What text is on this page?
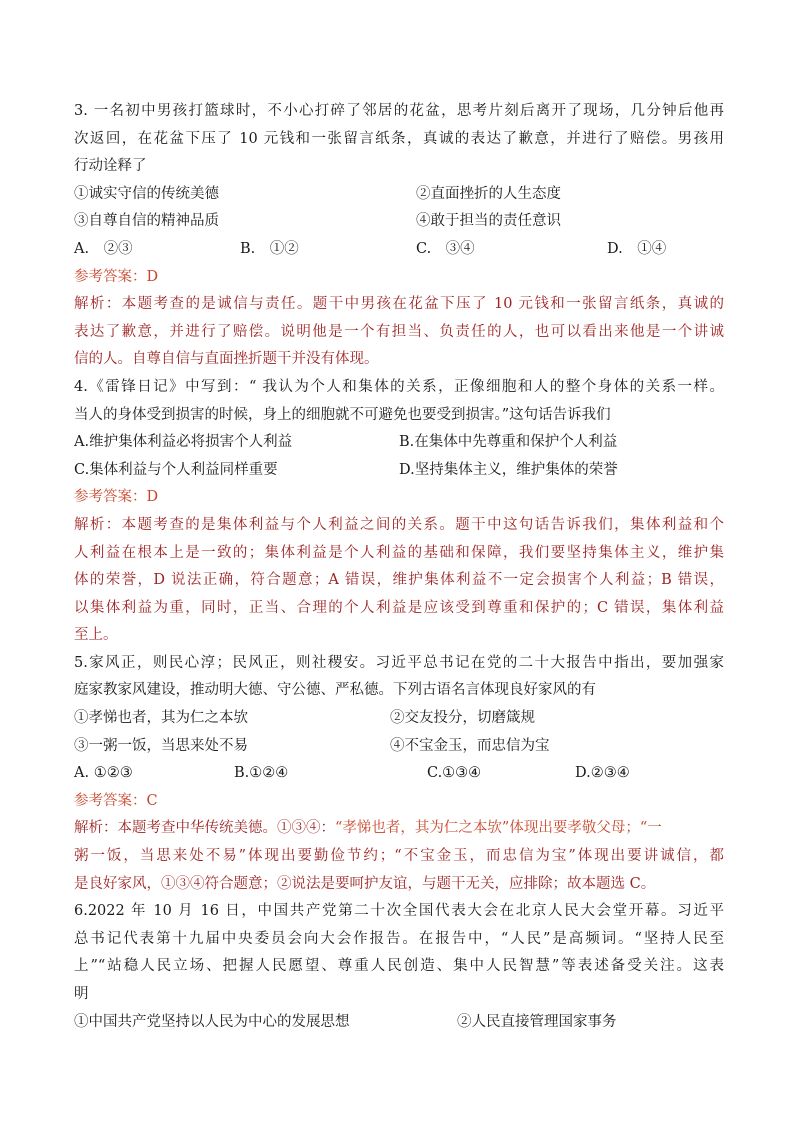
3. 一名初中男孩打篮球时，不小心打碎了邻居的花盆，思考片刻后离开了现场，几分钟后他再
次返回，在花盆下压了 10 元钱和一张留言纸条，真诚的表达了歉意，并进行了赔偿。男孩用
行动诠释了
①诚实守信的传统美德	②直面挫折的人生态度
③自尊自信的精神品质	④敢于担当的责任意识
A.　②③	B.　①②	C.　③④	D.　①④
参考答案：D
解析：本题考查的是诚信与责任。题干中男孩在花盆下压了 10 元钱和一张留言纸条，真诚的
表达了歉意，并进行了赔偿。说明他是一个有担当、负责任的人，也可以看出来他是一个讲诚
信的人。自尊自信与直面挫折题干并没有体现。
4.《雷锋日记》中写到：“ 我认为个人和集体的关系，正像细胞和人的整个身体的关系一样。
当人的身体受到损害的时候，身上的细胞就不可避免也要受到损害。”这句话告诉我们
A.维护集体利益必将损害个人利益	B.在集体中先尊重和保护个人利益
C.集体利益与个人利益同样重要	D.坚持集体主义，维护集体的荣誉
参考答案：D
解析：本题考查的是集体利益与个人利益之间的关系。题干中这句话告诉我们，集体利益和个
人利益在根本上是一致的；集体利益是个人利益的基础和保障，我们要坚持集体主义，维护集
体的荣誉，D 说法正确，符合题意；A 错误，维护集体利益不一定会损害个人利益；B 错误，
以集体利益为重，同时，正当、合理的个人利益是应该受到尊重和保护的；C 错误，集体利益
至上。
5.家风正，则民心淳；民风正，则社稷安。习近平总书记在党的二十大报告中指出，要加强家
庭家教家风建设，推动明大德、守公德、严私德。下列古语名言体现良好家风的有
①孝悌也者，其为仁之本欤	②交友投分，切磨箴规
③一粥一饭，当思来处不易	④不宝金玉，而忠信为宝
A. ①②③	B.①②④	C.①③④	D.②③④
参考答案：C
解析：本题考查中华传统美德。①③④：“孝悌也者，其为仁之本欤”体现出要孝敬父母；“一
粥一饭，当思来处不易”体现出要勤俭节约；“不宝金玉，而忠信为宝”体现出要讲诚信，都
是良好家风，①③④符合题意；②说法是要呵护友谊，与题干无关，应排除；故本题选 C。
6.2022 年 10 月 16 日，中国共产党第二十次全国代表大会在北京人民大会堂开幕。习近平
总书记代表第十九届中央委员会向大会作报告。在报告中，“人民”是高频词。“坚持人民至
上”“站稳人民立场、把握人民愿望、尊重人民创造、集中人民智慧”等表述备受关注。这表
明
①中国共产党坚持以人民为中心的发展思想	②人民直接管理国家事务
